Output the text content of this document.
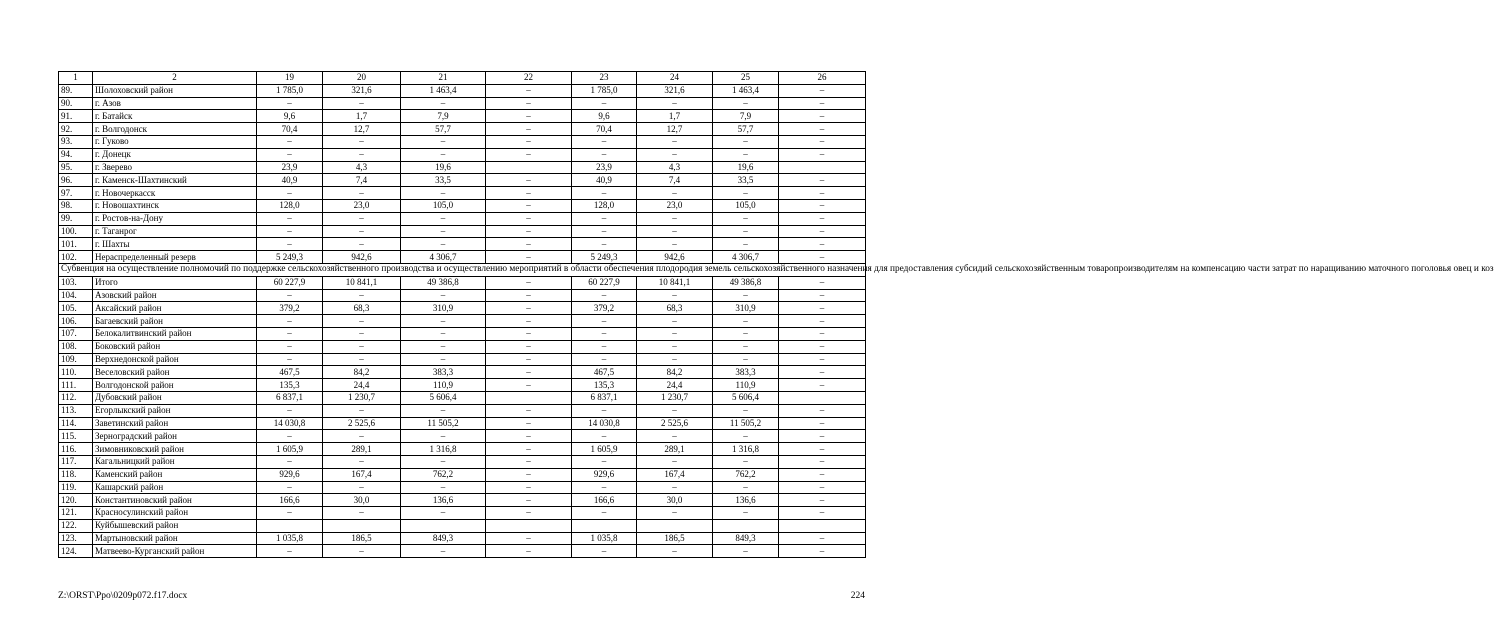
1	2	19	20	21	22	23	24	25	26
89.	Шолоховский район	1 785,0	321,6	1 463,4	–	1 785,0	321,6	1 463,4	–
90.	г. Азов	–	–	–	–	–	–	–	–
91.	г. Батайск	9,6	1,7	7,9	–	9,6	1,7	7,9	–
92.	г. Волгодонск	70,4	12,7	57,7	–	70,4	12,7	57,7	–
93.	г. Гуково	–	–	–	–	–	–	–	–
94.	г. Донецк	–	–	–	–	–	–	–	–
95.	г. Зверево	23,9	4,3	19,6		23,9	4,3	19,6	
96.	г. Каменск-Шахтинский	40,9	7,4	33,5	–	40,9	7,4	33,5	–
97.	г. Новочеркасск	–	–	–	–	–	–	–	–
98.	г. Новошахтинск	128,0	23,0	105,0	–	128,0	23,0	105,0	–
99.	г. Ростов-на-Дону	–	–	–	–	–	–	–	–
100.	г. Таганрог	–	–	–	–	–	–	–	–
101.	г. Шахты	–	–	–	–	–	–	–	–
102.	Нераспределенный резерв	5 249,3	942,6	4 306,7	–	5 249,3	942,6	4 306,7	–
Субвенция на осуществление полномочий по поддержке сельскохозяйственного производства и осуществлению мероприятий в области обеспечения плодородия земель сельскохозяйственного назначения для предоставления субсидий сельскохозяйственным товаропроизводителям на компенсацию части затрат по наращиванию маточного поголовья овец и коз									
103.	Итого	60 227,9	10 841,1	49 386,8	–	60 227,9	10 841,1	49 386,8	–
104.	Азовский район	–	–	–	–	–	–	–	–
105.	Аксайский район	379,2	68,3	310,9	–	379,2	68,3	310,9	–
106.	Багаевский район	–	–	–	–	–	–	–	–
107.	Белокалитвинский район	–	–	–	–	–	–	–	–
108.	Боковский район	–	–	–	–	–	–	–	–
109.	Верхнедонской район	–	–	–	–	–	–	–	–
110.	Веселовский район	467,5	84,2	383,3	–	467,5	84,2	383,3	–
111.	Волгодонской район	135,3	24,4	110,9	–	135,3	24,4	110,9	–
112.	Дубовский район	6 837,1	1 230,7	5 606,4		6 837,1	1 230,7	5 606,4	
113.	Егорлыкский район	–	–	–	–	–	–	–	–
114.	Заветинский район	14 030,8	2 525,6	11 505,2	–	14 030,8	2 525,6	11 505,2	–
115.	Зерноградский район	–	–	–	–	–	–	–	–
116.	Зимовниковский район	1 605,9	289,1	1 316,8	–	1 605,9	289,1	1 316,8	–
117.	Кагальницкий район	–	–	–	–	–	–	–	–
118.	Каменский район	929,6	167,4	762,2	–	929,6	167,4	762,2	–
119.	Кашарский район	–	–	–	–	–	–	–	–
120.	Константиновский район	166,6	30,0	136,6	–	166,6	30,0	136,6	–
121.	Красносулинский район	–	–	–	–	–	–	–	–
122.	Куйбышевский район								
123.	Мартыновский район	1 035,8	186,5	849,3	–	1 035,8	186,5	849,3	–
124.	Матвеево-Курганский район	–	–	–	–	–	–	–	–
Z:\ORST\Ppo\0209p072.f17.docx	224
